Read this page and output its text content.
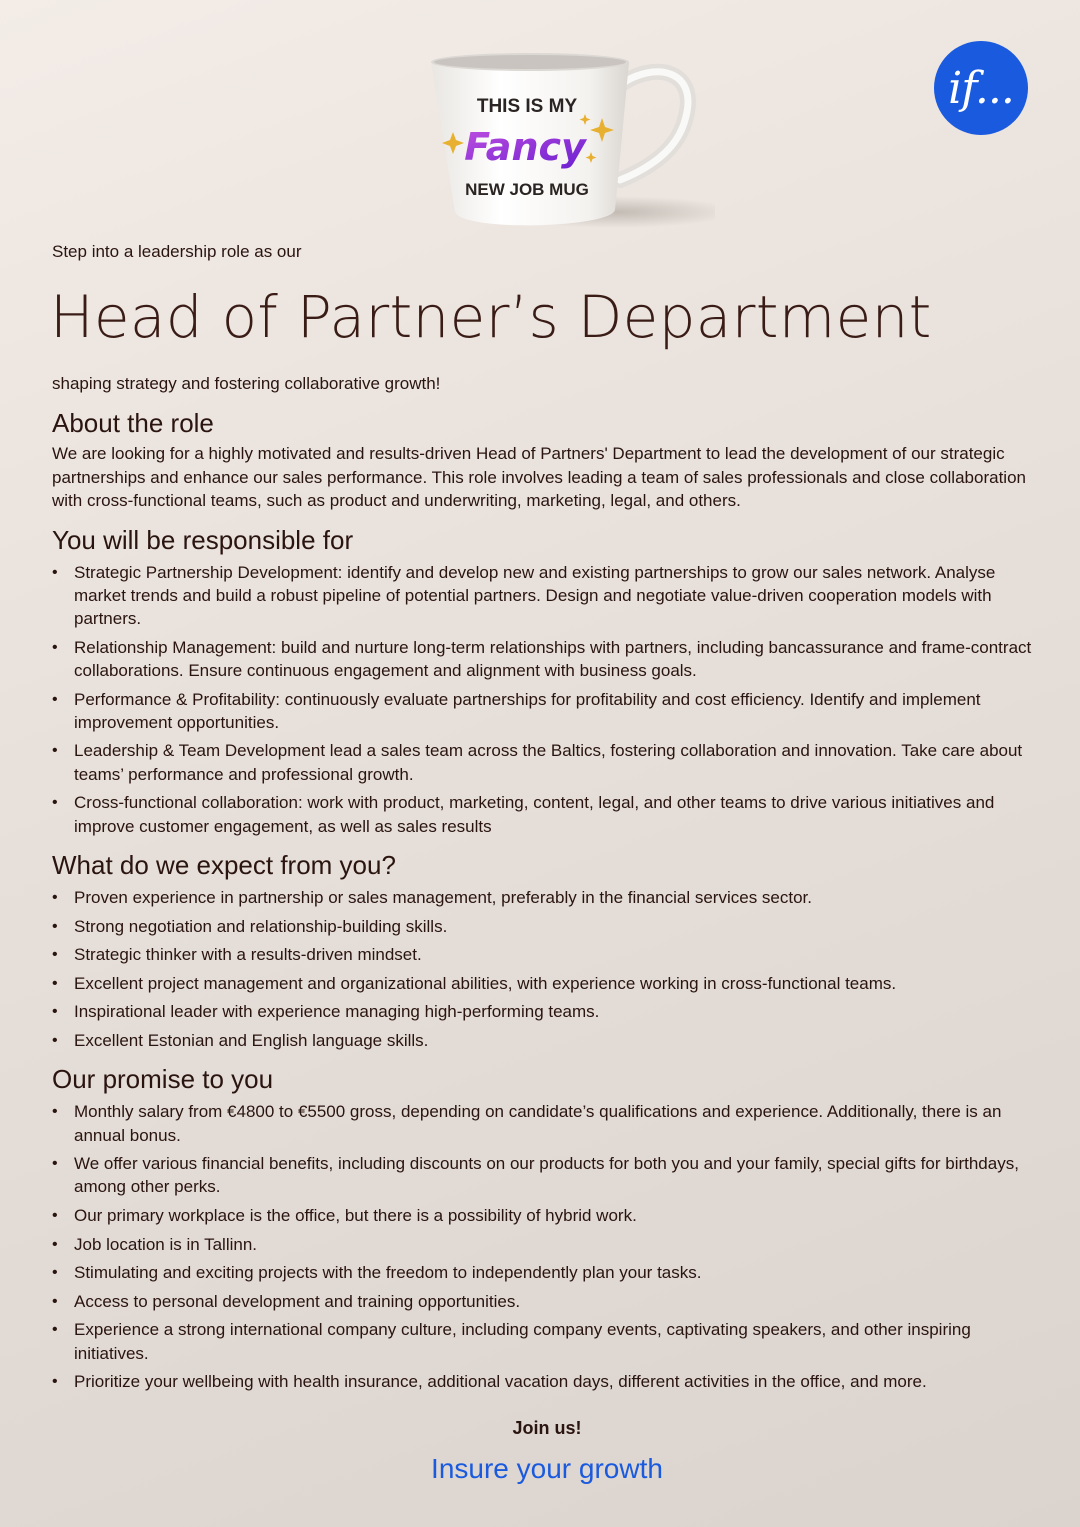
THIS IS MY
Fancy
NEW JOB MUG
if...

Step into a leadership role as our

Head of Partner’s Department

shaping strategy and fostering collaborative growth!

About the role

We are looking for a highly motivated and results-driven Head of Partners' Department to lead the development of our strategic partnerships and enhance our sales performance. This role involves leading a team of sales professionals and close collaboration with cross-functional teams, such as product and underwriting, marketing, legal, and others.

You will be responsible for
• Strategic Partnership Development: identify and develop new and existing partnerships to grow our sales network. Analyse market trends and build a robust pipeline of potential partners. Design and negotiate value-driven cooperation models with partners.
• Relationship Management: build and nurture long-term relationships with partners, including bancassurance and frame-contract collaborations. Ensure continuous engagement and alignment with business goals.
• Performance & Profitability: continuously evaluate partnerships for profitability and cost efficiency. Identify and implement improvement opportunities.
• Leadership & Team Development lead a sales team across the Baltics, fostering collaboration and innovation. Take care about teams’ performance and professional growth.
• Cross-functional collaboration: work with product, marketing, content, legal, and other teams to drive various initiatives and improve customer engagement, as well as sales results
What do we expect from you?
• Proven experience in partnership or sales management, preferably in the financial services sector.
• Strong negotiation and relationship-building skills.
• Strategic thinker with a results-driven mindset.
• Excellent project management and organizational abilities, with experience working in cross-functional teams.
• Inspirational leader with experience managing high-performing teams.
• Excellent Estonian and English language skills.
Our promise to you
• Monthly salary from €4800 to €5500 gross, depending on candidate’s qualifications and experience. Additionally, there is an annual bonus.
• We offer various financial benefits, including discounts on our products for both you and your family, special gifts for birthdays, among other perks.
• Our primary workplace is the office, but there is a possibility of hybrid work.
• Job location is in Tallinn.
• Stimulating and exciting projects with the freedom to independently plan your tasks.
• Access to personal development and training opportunities.
• Experience a strong international company culture, including company events, captivating speakers, and other inspiring initiatives.
• Prioritize your wellbeing with health insurance, additional vacation days, different activities in the office, and more.
Join us!
Insure your growth
